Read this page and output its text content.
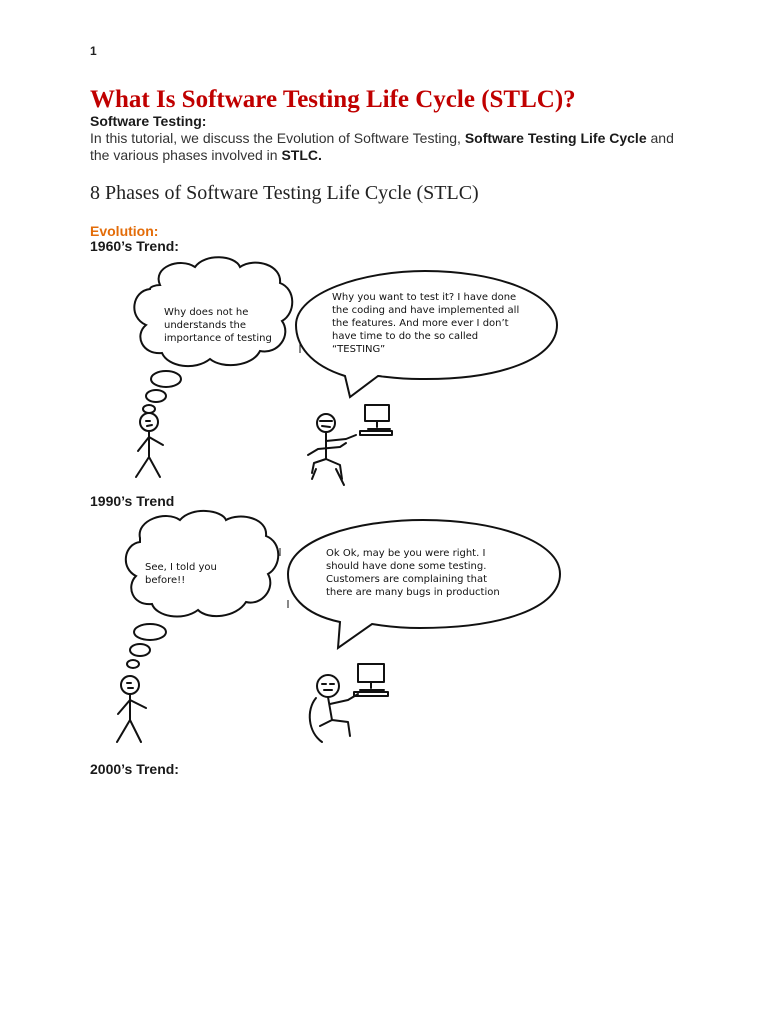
1
What Is Software Testing Life Cycle (STLC)?
Software Testing:

In this tutorial, we discuss the Evolution of Software Testing, Software Testing Life Cycle and the various phases involved in STLC.

8 Phases of Software Testing Life Cycle (STLC)
Evolution:
1960’s Trend:
Why does not he understands the importance of testing
Why you want to test it? I have done the coding and have implemented all the features. And more ever I don’t have time to do the so called “TESTING”
1990’s Trend
See, I told you before!!
Ok Ok, may be you were right. I should have done some testing. Customers are complaining that there are many bugs in production
2000’s Trend:
